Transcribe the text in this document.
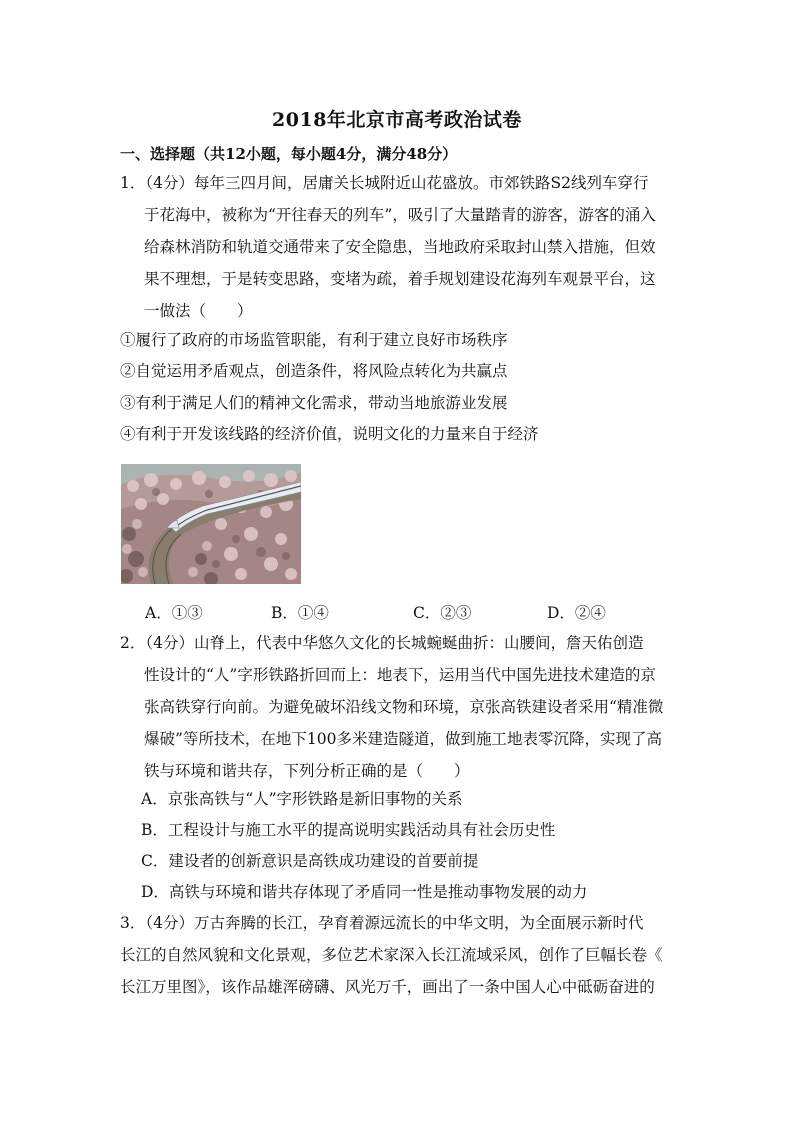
2018年北京市高考政治试卷
一、选择题（共12小题，每小题4分，满分48分）
1．（4分）每年三四月间，居庸关长城附近山花盛放。市郊铁路S2线列车穿行
于花海中，被称为“开往春天的列车”，吸引了大量踏青的游客，游客的涌入
给森林消防和轨道交通带来了安全隐患，当地政府采取封山禁入措施，但效
果不理想，于是转变思路，变堵为疏，着手规划建设花海列车观景平台，这
一做法（　　）
①履行了政府的市场监管职能，有利于建立良好市场秩序
②自觉运用矛盾观点，创造条件，将风险点转化为共赢点
③有利于满足人们的精神文化需求，带动当地旅游业发展
④有利于开发该线路的经济价值，说明文化的力量来自于经济
A．①③	B．①④	C．②③	D．②④
2．（4分）山脊上，代表中华悠久文化的长城蜿蜒曲折：山腰间，詹天佑创造
性设计的“人”字形铁路折回而上：地表下，运用当代中国先进技术建造的京
张高铁穿行向前。为避免破坏沿线文物和环境，京张高铁建设者采用“精准微
爆破”等所技术，在地下100多米建造隧道，做到施工地表零沉降，实现了高
铁与环境和谐共存，下列分析正确的是（　　）
A．京张高铁与“人”字形铁路是新旧事物的关系
B．工程设计与施工水平的提高说明实践活动具有社会历史性
C．建设者的创新意识是高铁成功建设的首要前提
D．高铁与环境和谐共存体现了矛盾同一性是推动事物发展的动力
3．（4分）万古奔腾的长江，孕育着源远流长的中华文明，为全面展示新时代
长江的自然风貌和文化景观，多位艺术家深入长江流域采风，创作了巨幅长卷《
长江万里图》，该作品雄浑磅礴、风光万千，画出了一条中国人心中砥砺奋进的
